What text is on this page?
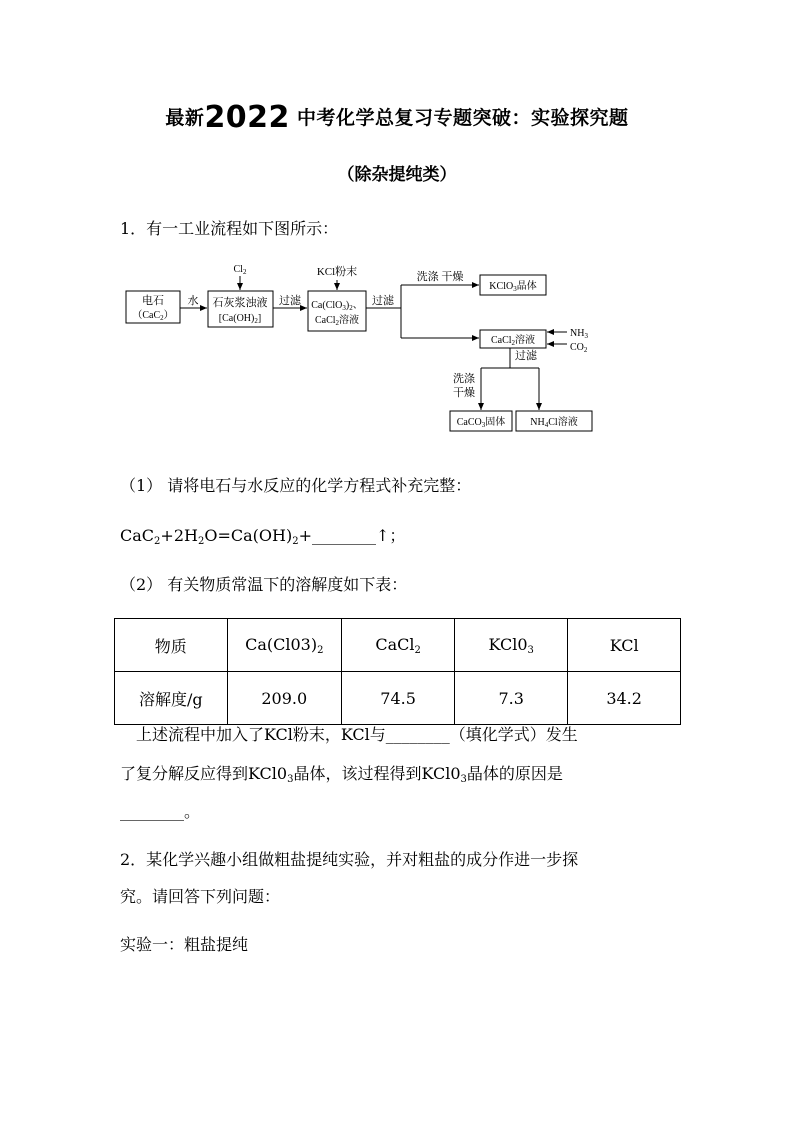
最新2022 中考化学总复习专题突破：实验探究题
（除杂提纯类）
1．有一工业流程如下图所示：
电石
（CaC$_2$）
水
$Cl_2$
石灰浆浊液
$[Ca(OH)_2]$
过滤
KCl粉末
$Ca(ClO_3)_2$、
CaCl$_2$溶液
过滤
洗涤 干燥
KClO$_3$晶体
CaCl$_2$溶液
$NH_3$
$CO_2$
过滤
洗涤
干燥
CaCO$_3$固体	$NH_4Cl$溶液
（1） 请将电石与水反应的化学方程式补充完整：
$CaC_2+2H_2O=Ca(OH)_2+\_\_\_\_\_\_\_\_↑$；
（2） 有关物质常温下的溶解度如下表：
物质	$Ca(Cl03)_2$	CaCl$_2$	$KCl0_3$	KCl
溶解度/g	209.0	74.5	7.3	34.2
上述流程中加入了KCl粉末，KCl与________（填化学式）发生
了复分解反应得到$KCl0_3$晶体，该过程得到$KCl0_3$晶体的原因是
________。
2．某化学兴趣小组做粗盐提纯实验，并对粗盐的成分作进一步探
究。请回答下列问题：
实验一：粗盐提纯
